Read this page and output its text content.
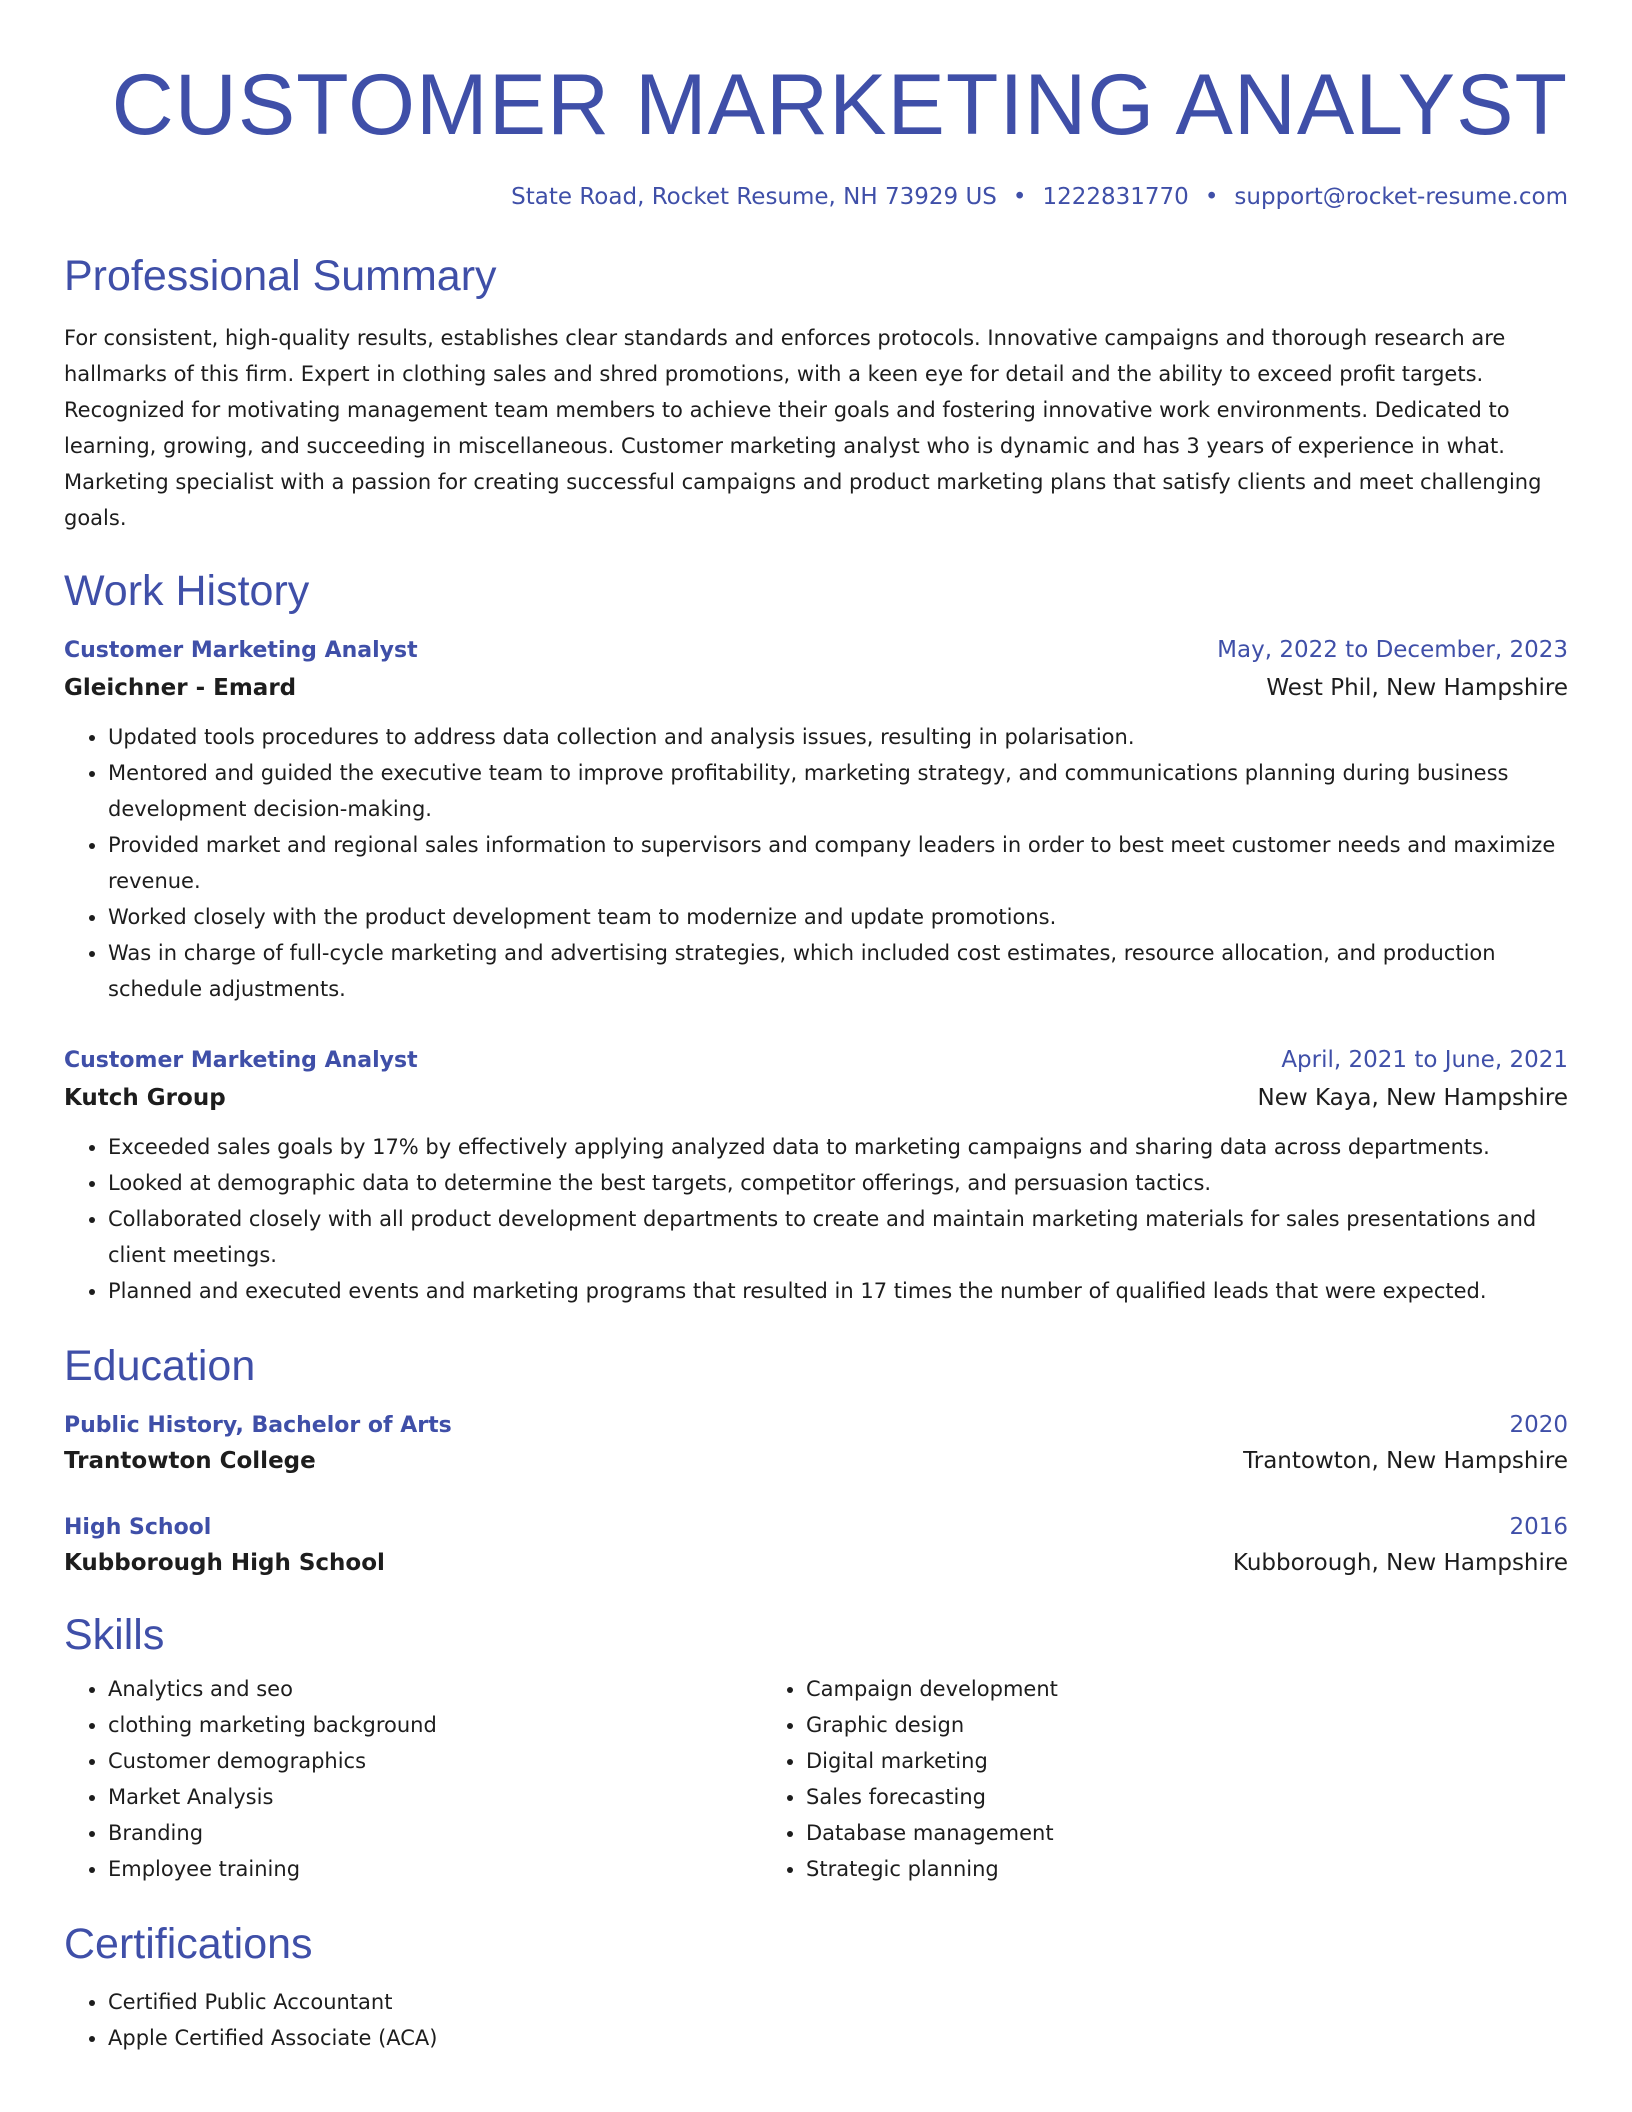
CUSTOMER MARKETING ANALYST
State Road, Rocket Resume, NH 73929 US • 1222831770 • support@rocket-resume.com
Professional Summary
For consistent, high-quality results, establishes clear standards and enforces protocols. Innovative campaigns and thorough research are hallmarks of this firm. Expert in clothing sales and shred promotions, with a keen eye for detail and the ability to exceed profit targets. Recognized for motivating management team members to achieve their goals and fostering innovative work environments. Dedicated to learning, growing, and succeeding in miscellaneous. Customer marketing analyst who is dynamic and has 3 years of experience in what. Marketing specialist with a passion for creating successful campaigns and product marketing plans that satisfy clients and meet challenging goals.
Work History
Customer Marketing Analyst	May, 2022 to December, 2023
Gleichner - Emard	West Phil, New Hampshire
• Updated tools procedures to address data collection and analysis issues, resulting in polarisation.
• Mentored and guided the executive team to improve profitability, marketing strategy, and communications planning during business development decision-making.
• Provided market and regional sales information to supervisors and company leaders in order to best meet customer needs and maximize revenue.
• Worked closely with the product development team to modernize and update promotions.
• Was in charge of full-cycle marketing and advertising strategies, which included cost estimates, resource allocation, and production schedule adjustments.
Customer Marketing Analyst	April, 2021 to June, 2021
Kutch Group	New Kaya, New Hampshire
• Exceeded sales goals by 17% by effectively applying analyzed data to marketing campaigns and sharing data across departments.
• Looked at demographic data to determine the best targets, competitor offerings, and persuasion tactics.
• Collaborated closely with all product development departments to create and maintain marketing materials for sales presentations and client meetings.
• Planned and executed events and marketing programs that resulted in 17 times the number of qualified leads that were expected.
Education
Public History, Bachelor of Arts	2020
Trantowton College	Trantowton, New Hampshire
High School	2016
Kubborough High School	Kubborough, New Hampshire
Skills
• Analytics and seo
• clothing marketing background
• Customer demographics
• Market Analysis
• Branding
• Employee training
• Campaign development
• Graphic design
• Digital marketing
• Sales forecasting
• Database management
• Strategic planning
Certifications
• Certified Public Accountant
• Apple Certified Associate (ACA)
